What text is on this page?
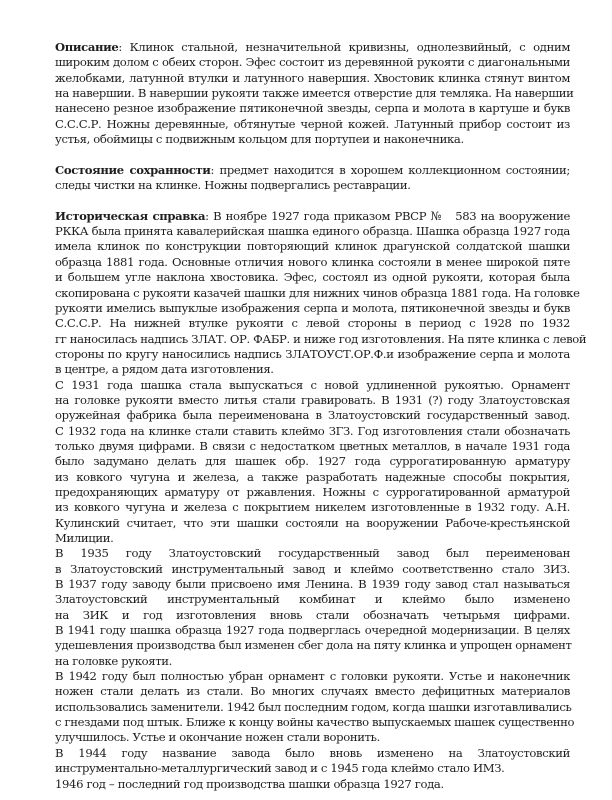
Описание: Клинок стальной, незначительной кривизны, однолезвийный, с одним
широким долом с обеих сторон. Эфес состоит из деревянной рукояти с диагональными
желобками, латунной втулки и латунного навершия. Хвостовик клинка стянут винтом
на навершии. В навершии рукояти также имеется отверстие для темляка. На навершии
нанесено резное изображение пятиконечной звезды, серпа и молота в картуше и букв
С.С.С.Р. Ножны деревянные, обтянутые черной кожей. Латунный прибор состоит из
устья, обоймицы с подвижным кольцом для портупеи и наконечника.
Состояние сохранности: предмет находится в хорошем коллекционном состоянии;
следы чистки на клинке. Ножны подвергались реставрации.
Историческая справка: В ноябре 1927 года приказом РВСР №   583 на вооружение
РККА была принята кавалерийская шашка единого образца. Шашка образца 1927 года
имела клинок по конструкции повторяющий клинок драгунской солдатской шашки
образца 1881 года. Основные отличия нового клинка состояли в менее широкой пяте
и большем угле наклона хвостовика. Эфес, состоял из одной рукояти, которая была
скопирована с рукояти казачей шашки для нижних чинов образца 1881 года. На головке
рукояти имелись выпуклые изображения серпа и молота, пятиконечной звезды и букв
С.С.С.Р. На нижней втулке рукояти с левой стороны в период с 1928 по 1932
гг наносилась надпись ЗЛАТ. ОР. ФАБР. и ниже год изготовления. На пяте клинка с левой
стороны по кругу наносились надпись ЗЛАТОУСТ.ОР.Ф.и изображение серпа и молота
в центре, а рядом дата изготовления.
С 1931 года шашка стала выпускаться с новой удлиненной рукоятью. Орнамент
на головке рукояти вместо литья стали гравировать. В 1931 (?) году Златоустовская
оружейная фабрика была переименована в Златоустовский государственный завод.
С 1932 года на клинке стали ставить клеймо ЗГЗ. Год изготовления стали обозначать
только двумя цифрами. В связи с недостатком цветных металлов, в начале 1931 года
было задумано делать для шашек обр. 1927 года суррогатированную арматуру
из ковкого чугуна и железа, а также разработать надежные способы покрытия,
предохраняющих арматуру от ржавления. Ножны с суррогатированной арматурой
из ковкого чугуна и железа с покрытием никелем изготовленные в 1932 году. А.Н.
Кулинский считает, что эти шашки состояли на вооружении Рабоче-крестьянской
Милиции.
В 1935 году Златоустовский государственный завод был переименован
в Златоустовский инструментальный завод и клеймо соответственно стало ЗИЗ.
В 1937 году заводу были присвоено имя Ленина. В 1939 году завод стал называться
Златоустовский инструментальный комбинат и клеймо было изменено
на ЗИК и год изготовления вновь стали обозначать четырьмя цифрами.
В 1941 году шашка образца 1927 года подверглась очередной модернизации. В целях
удешевления производства был изменен сбег дола на пяту клинка и упрощен орнамент
на головке рукояти.
В 1942 году был полностью убран орнамент с головки рукояти. Устье и наконечник
ножен стали делать из стали. Во многих случаях вместо дефицитных материалов
использовались заменители. 1942 был последним годом, когда шашки изготавливались
с гнездами под штык. Ближе к концу войны качество выпускаемых шашек существенно
улучшилось. Устье и окончание ножен стали воронить.
В 1944 году название завода было вновь изменено на Златоустовский
инструментально-металлургический завод и с 1945 года клеймо стало ИМЗ.
1946 год – последний год производства шашки образца 1927 года.
